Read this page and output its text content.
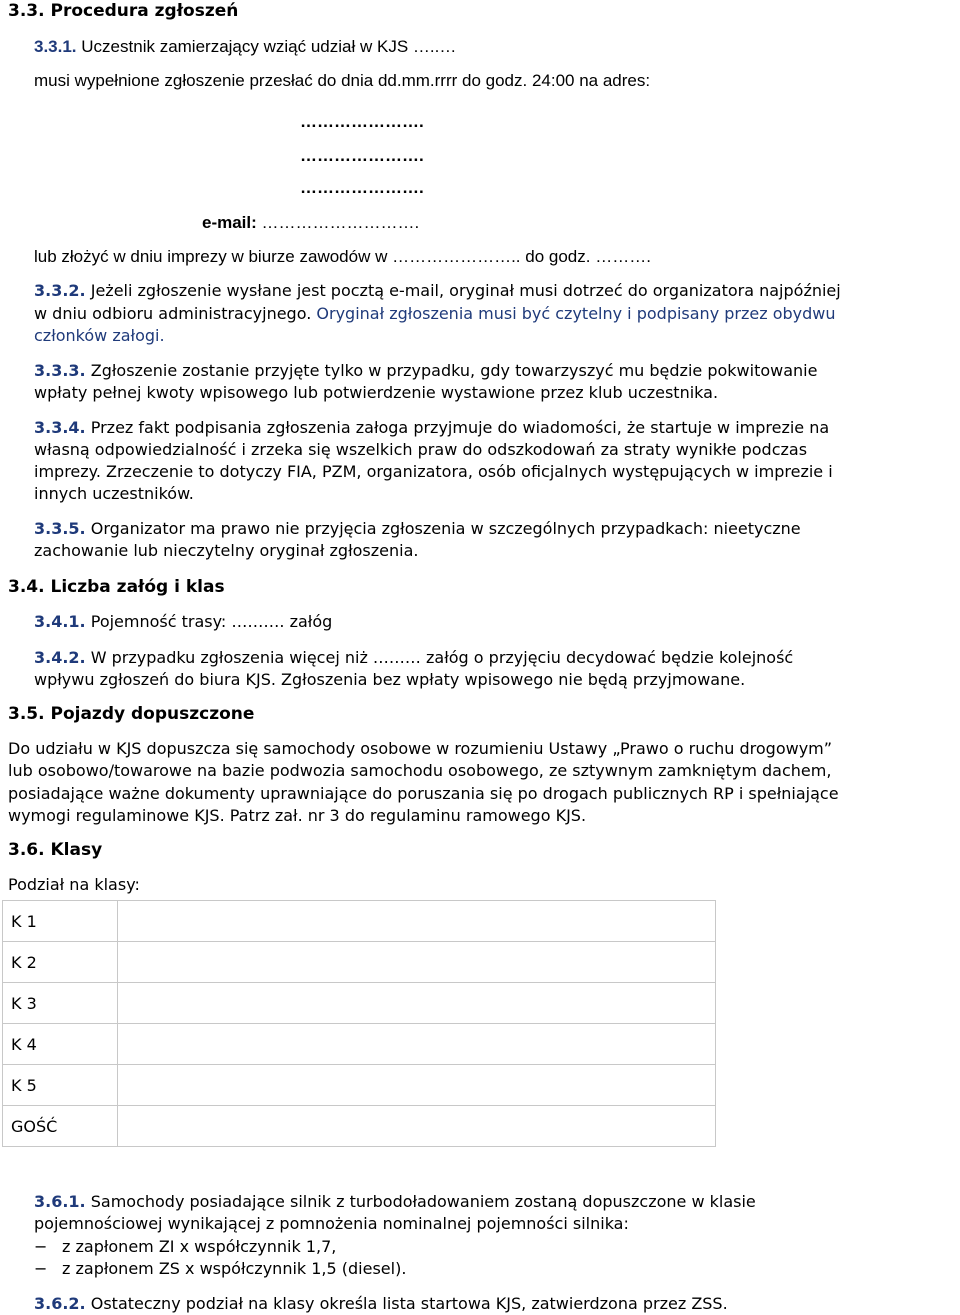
3.3. Procedura zgłoszeń
3.3.1. Uczestnik zamierzający wziąć udział w KJS …..…
musi wypełnione zgłoszenie przesłać do dnia dd.mm.rrrr do godz. 24:00 na adres:
………………….
………………….
………………….
e-mail: ……………………….
lub złożyć w dniu imprezy w biurze zawodów w ………………….. do godz. ……….
3.3.2. Jeżeli zgłoszenie wysłane jest pocztą e-mail, oryginał musi dotrzeć do organizatora najpóźniej
w dniu odbioru administracyjnego. Oryginał zgłoszenia musi być czytelny i podpisany przez obydwu
członków załogi.
3.3.3. Zgłoszenie zostanie przyjęte tylko w przypadku, gdy towarzyszyć mu będzie pokwitowanie
wpłaty pełnej kwoty wpisowego lub potwierdzenie wystawione przez klub uczestnika.
3.3.4. Przez fakt podpisania zgłoszenia załoga przyjmuje do wiadomości, że startuje w imprezie na
własną odpowiedzialność i zrzeka się wszelkich praw do odszkodowań za straty wynikłe podczas
imprezy. Zrzeczenie to dotyczy FIA, PZM, organizatora, osób oficjalnych występujących w imprezie i
innych uczestników.
3.3.5. Organizator ma prawo nie przyjęcia zgłoszenia w szczególnych przypadkach: nieetyczne
zachowanie lub nieczytelny oryginał zgłoszenia.
3.4. Liczba załóg i klas
3.4.1. Pojemność trasy: ………. załóg
3.4.2. W przypadku zgłoszenia więcej niż ……… załóg o przyjęciu decydować będzie kolejność
wpływu zgłoszeń do biura KJS. Zgłoszenia bez wpłaty wpisowego nie będą przyjmowane.
3.5. Pojazdy dopuszczone
Do udziału w KJS dopuszcza się samochody osobowe w rozumieniu Ustawy „Prawo o ruchu drogowym”
lub osobowo/towarowe na bazie podwozia samochodu osobowego, ze sztywnym zamkniętym dachem,
posiadające ważne dokumenty uprawniające do poruszania się po drogach publicznych RP i spełniające
wymogi regulaminowe KJS. Patrz zał. nr 3 do regulaminu ramowego KJS.
3.6. Klasy
Podział na klasy:
K 1	
K 2	
K 3	
K 4	
K 5	
GOŚĆ	
3.6.1. Samochody posiadające silnik z turbodoładowaniem zostaną dopuszczone w klasie
pojemnościowej wynikającej z pomnożenia nominalnej pojemności silnika:
− z zapłonem ZI x współczynnik 1,7,
− z zapłonem ZS x współczynnik 1,5 (diesel).
3.6.2. Ostateczny podział na klasy określa lista startowa KJS, zatwierdzona przez ZSS.
